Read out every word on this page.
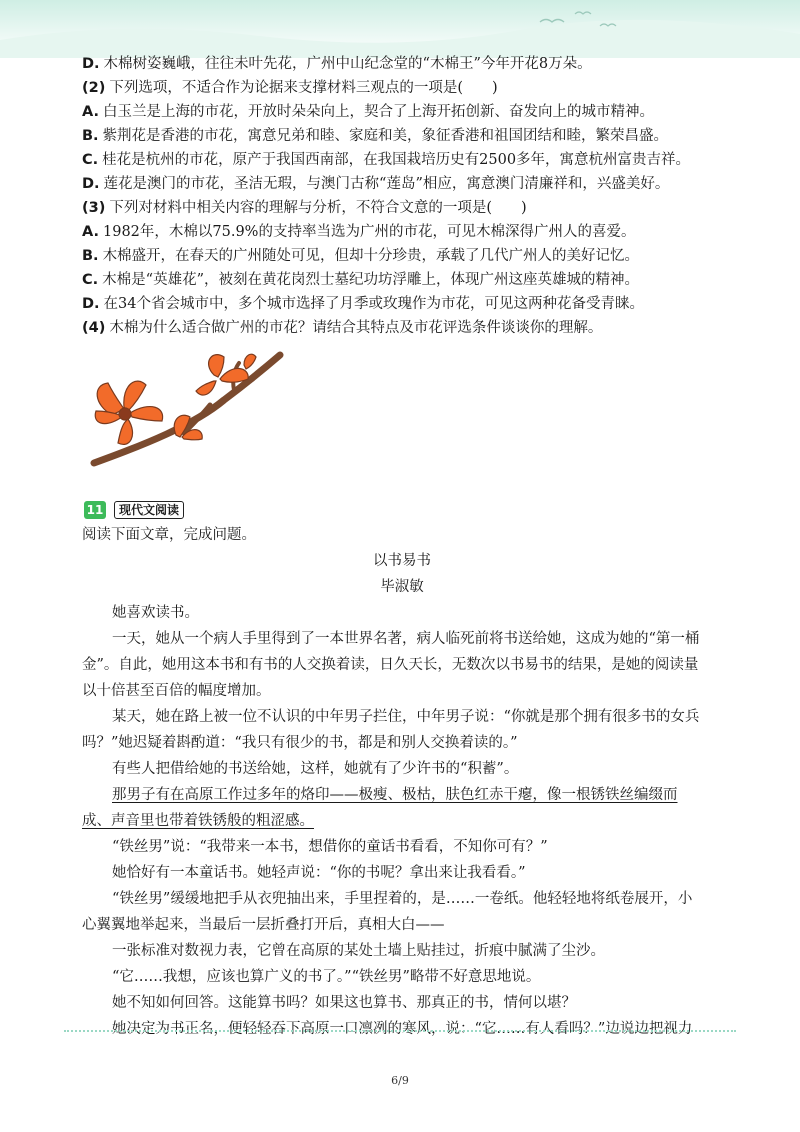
D. 木棉树姿巍峨，往往未叶先花，广州中山纪念堂的“木棉王”今年开花8万朵。

(2) 下列选项，不适合作为论据来支撑材料三观点的一项是(　　)

A. 白玉兰是上海的市花，开放时朵朵向上，契合了上海开拓创新、奋发向上的城市精神。

B. 紫荆花是香港的市花，寓意兄弟和睦、家庭和美，象征香港和祖国团结和睦，繁荣昌盛。

C. 桂花是杭州的市花，原产于我国西南部，在我国栽培历史有2500多年，寓意杭州富贵吉祥。

D. 莲花是澳门的市花，圣洁无瑕，与澳门古称“莲岛”相应，寓意澳门清廉祥和，兴盛美好。

(3) 下列对材料中相关内容的理解与分析，不符合文意的一项是(　　)

A. 1982年，木棉以75.9%的支持率当选为广州的市花，可见木棉深得广州人的喜爱。

B. 木棉盛开，在春天的广州随处可见，但却十分珍贵，承载了几代广州人的美好记忆。

C. 木棉是“英雄花”，被刻在黄花岗烈士墓纪功坊浮雕上，体现广州这座英雄城的精神。

D. 在34个省会城市中，多个城市选择了月季或玫瑰作为市花，可见这两种花备受青睐。

(4) 木棉为什么适合做广州的市花？请结合其特点及市花评选条件谈谈你的理解。

11	现代文阅读

阅读下面文章，完成问题。

以书易书

毕淑敏

她喜欢读书。

一天，她从一个病人手里得到了一本世界名著，病人临死前将书送给她，这成为她的“第一桶

金”。自此，她用这本书和有书的人交换着读，日久天长，无数次以书易书的结果，是她的阅读量

以十倍甚至百倍的幅度增加。

某天，她在路上被一位不认识的中年男子拦住，中年男子说：“你就是那个拥有很多书的女兵

吗？”她迟疑着斟酌道：“我只有很少的书，都是和别人交换着读的。”

有些人把借给她的书送给她，这样，她就有了少许书的“积蓄”。

那男子有在高原工作过多年的烙印——极瘦、极枯，肤色红赤干瘪，像一根锈铁丝编缀而

成、声音里也带着铁锈般的粗涩感。

“铁丝男”说：“我带来一本书，想借你的童话书看看，不知你可有？”

她恰好有一本童话书。她轻声说：“你的书呢？拿出来让我看看。”

“铁丝男”缓缓地把手从衣兜抽出来，手里捏着的，是……一卷纸。他轻轻地将纸卷展开，小

心翼翼地举起来，当最后一层折叠打开后，真相大白——

一张标准对数视力表，它曾在高原的某处土墙上贴挂过，折痕中腻满了尘沙。

“它……我想，应该也算广义的书了。”“铁丝男”略带不好意思地说。

她不知如何回答。这能算书吗？如果这也算书、那真正的书，情何以堪？

她决定为书正名，便轻轻吞下高原一口凛冽的寒风，说：“它……有人看吗？”边说边把视力

6/9
